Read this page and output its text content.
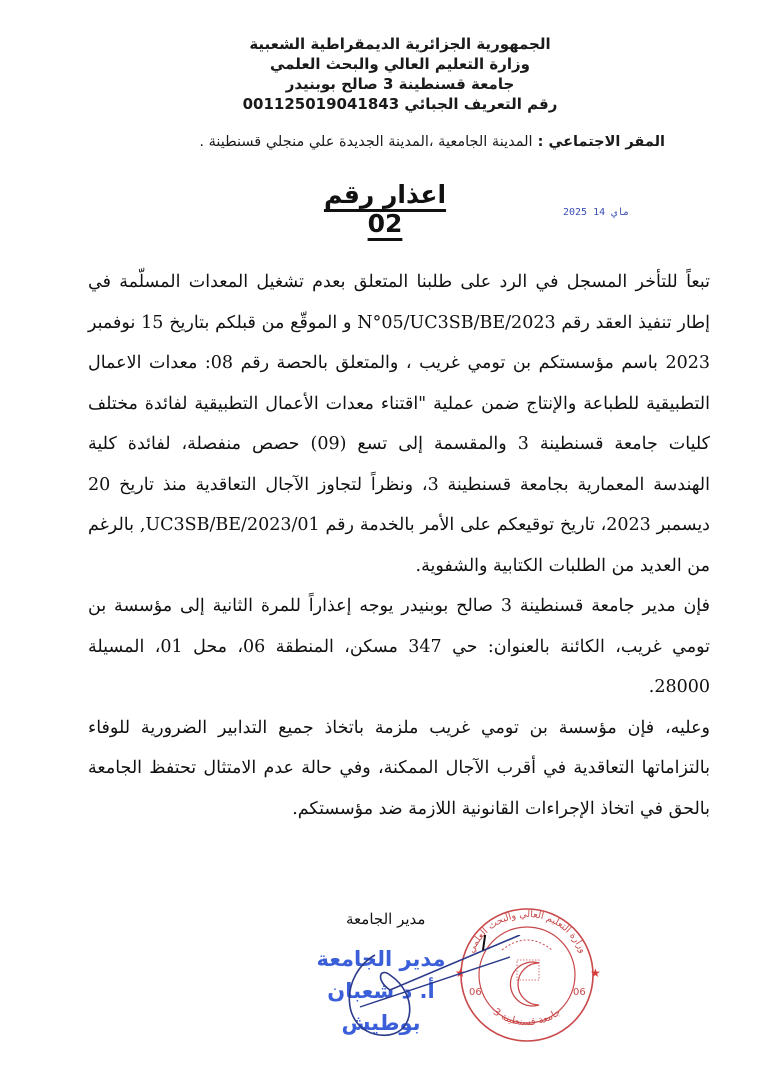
الجمهورية الجزائرية الديمقراطية الشعبية
وزارة التعليم العالي والبحث العلمي
جامعة قسنطينة 3 صالح بوبنيدر
رقم التعريف الجبائي 001125019041843
المقر الاجتماعي : المدينة الجامعية ،المدينة الجديدة علي منجلي قسنطينة .
اعذار رقم 02	2025 ماي 14

تبعاً للتأخر المسجل في الرد على طلبنا المتعلق بعدم تشغيل المعدات المسلّمة في إطار تنفيذ العقد رقم N°05/UC3SB/BE/2023 و الموقّع من قبلكم بتاريخ 15 نوفمبر 2023 باسم مؤسستكم بن تومي غريب ، والمتعلق بالحصة رقم 08: معدات الاعمال التطبيقية للطباعة والإنتاج ضمن عملية "اقتناء معدات الأعمال التطبيقية لفائدة مختلف كليات جامعة قسنطينة 3 والمقسمة إلى تسع (09) حصص منفصلة، لفائدة كلية الهندسة المعمارية بجامعة قسنطينة 3، ونظراً لتجاوز الآجال التعاقدية منذ تاريخ 20 ديسمبر 2023، تاريخ توقيعكم على الأمر بالخدمة رقم 01/UC3SB/BE/2023, بالرغم من العديد من الطلبات الكتابية والشفوية.

فإن مدير جامعة قسنطينة 3 صالح بوبنيدر يوجه إعذاراً للمرة الثانية إلى مؤسسة بن تومي غريب، الكائنة بالعنوان: حي 347 مسكن، المنطقة 06، محل 01، المسيلة 28000.

وعليه، فإن مؤسسة بن تومي غريب ملزمة باتخاذ جميع التدابير الضرورية للوفاء بالتزاماتها التعاقدية في أقرب الآجال الممكنة، وفي حالة عدم الامتثال تحتفظ الجامعة بالحق في اتخاذ الإجراءات القانونية اللازمة ضد مؤسستكم.

مدير الجامعة
وزارة التعليم العالي والبحث العلمي
جامعة قسنطينة 3
06	06
★
★
مدير الجامعة
أ. د شعبان بوطيش
